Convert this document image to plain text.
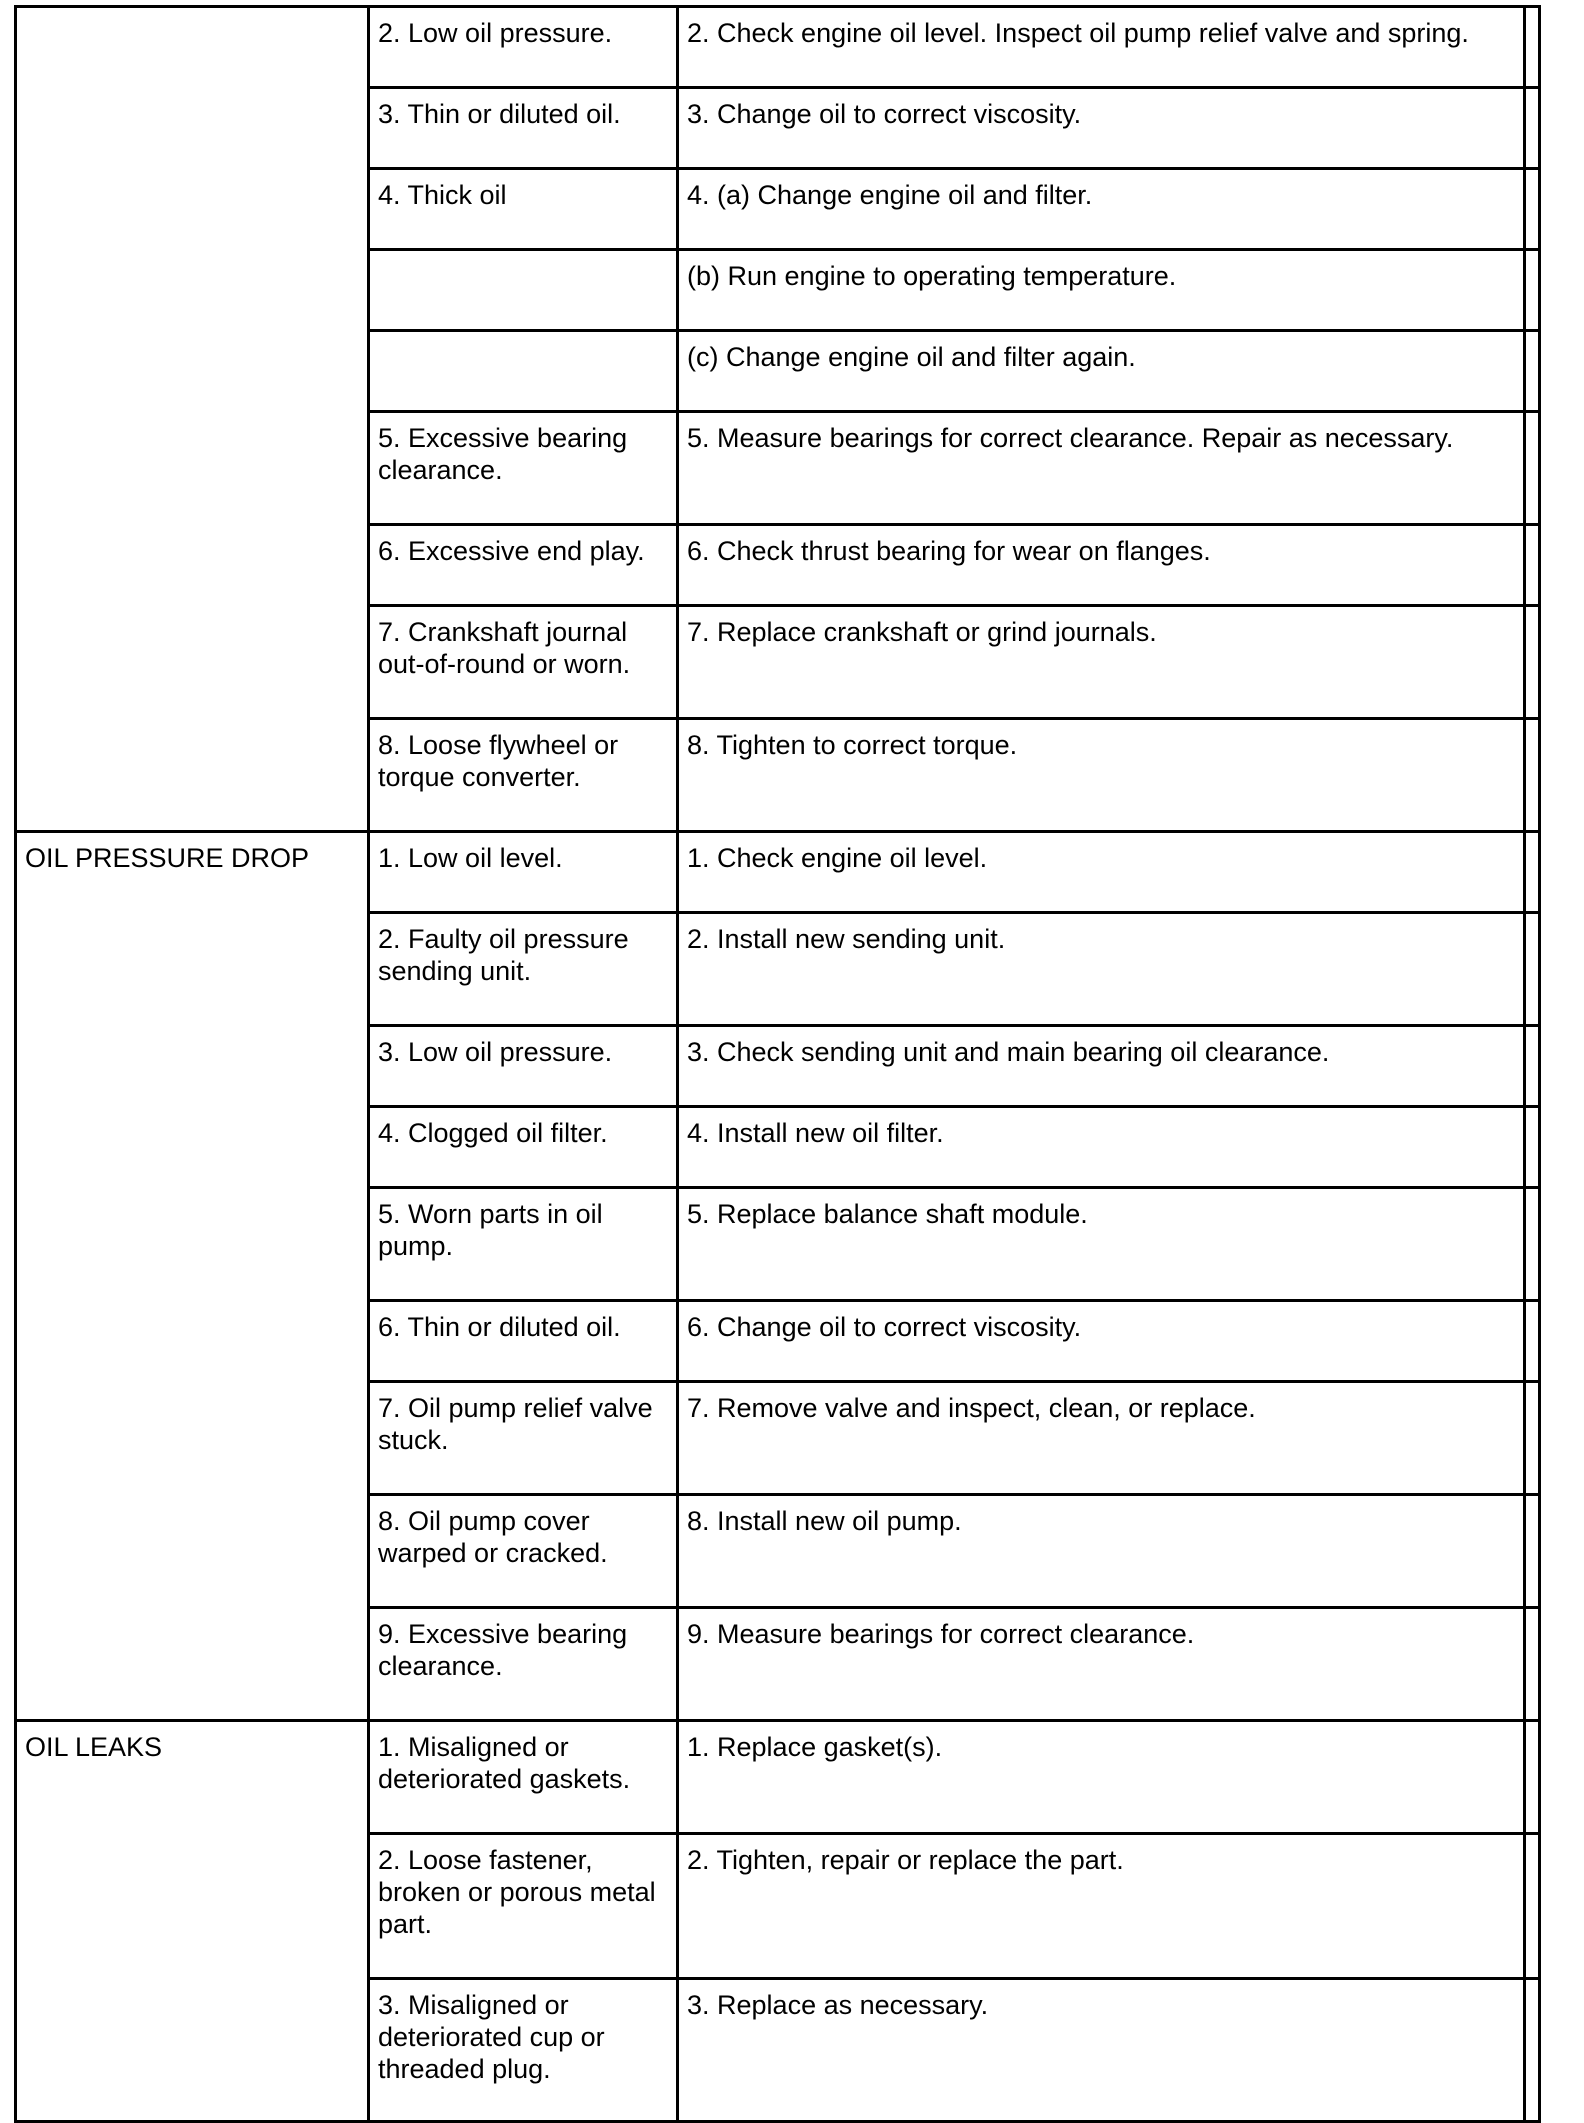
	2. Low oil pressure.	2. Check engine oil level. Inspect oil pump relief valve and spring.	
	3. Thin or diluted oil.	3. Change oil to correct viscosity.	
	4. Thick oil	4. (a) Change engine oil and filter.	
		(b) Run engine to operating temperature.	
		(c) Change engine oil and filter again.	
	5. Excessive bearing clearance.	5. Measure bearings for correct clearance. Repair as necessary.	
	6. Excessive end play.	6. Check thrust bearing for wear on flanges.	
	7. Crankshaft journal out-of-round or worn.	7. Replace crankshaft or grind journals.	
	8. Loose flywheel or torque converter.	8. Tighten to correct torque.	
OIL PRESSURE DROP	1. Low oil level.	1. Check engine oil level.	
	2. Faulty oil pressure sending unit.	2. Install new sending unit.	
	3. Low oil pressure.	3. Check sending unit and main bearing oil clearance.	
	4. Clogged oil filter.	4. Install new oil filter.	
	5. Worn parts in oil pump.	5. Replace balance shaft module.	
	6. Thin or diluted oil.	6. Change oil to correct viscosity.	
	7. Oil pump relief valve stuck.	7. Remove valve and inspect, clean, or replace.	
	8. Oil pump cover warped or cracked.	8. Install new oil pump.	
	9. Excessive bearing clearance.	9. Measure bearings for correct clearance.	
OIL LEAKS	1. Misaligned or deteriorated gaskets.	1. Replace gasket(s).	
	2. Loose fastener, broken or porous metal part.	2. Tighten, repair or replace the part.	
	3. Misaligned or deteriorated cup or threaded plug.	3. Replace as necessary.	
